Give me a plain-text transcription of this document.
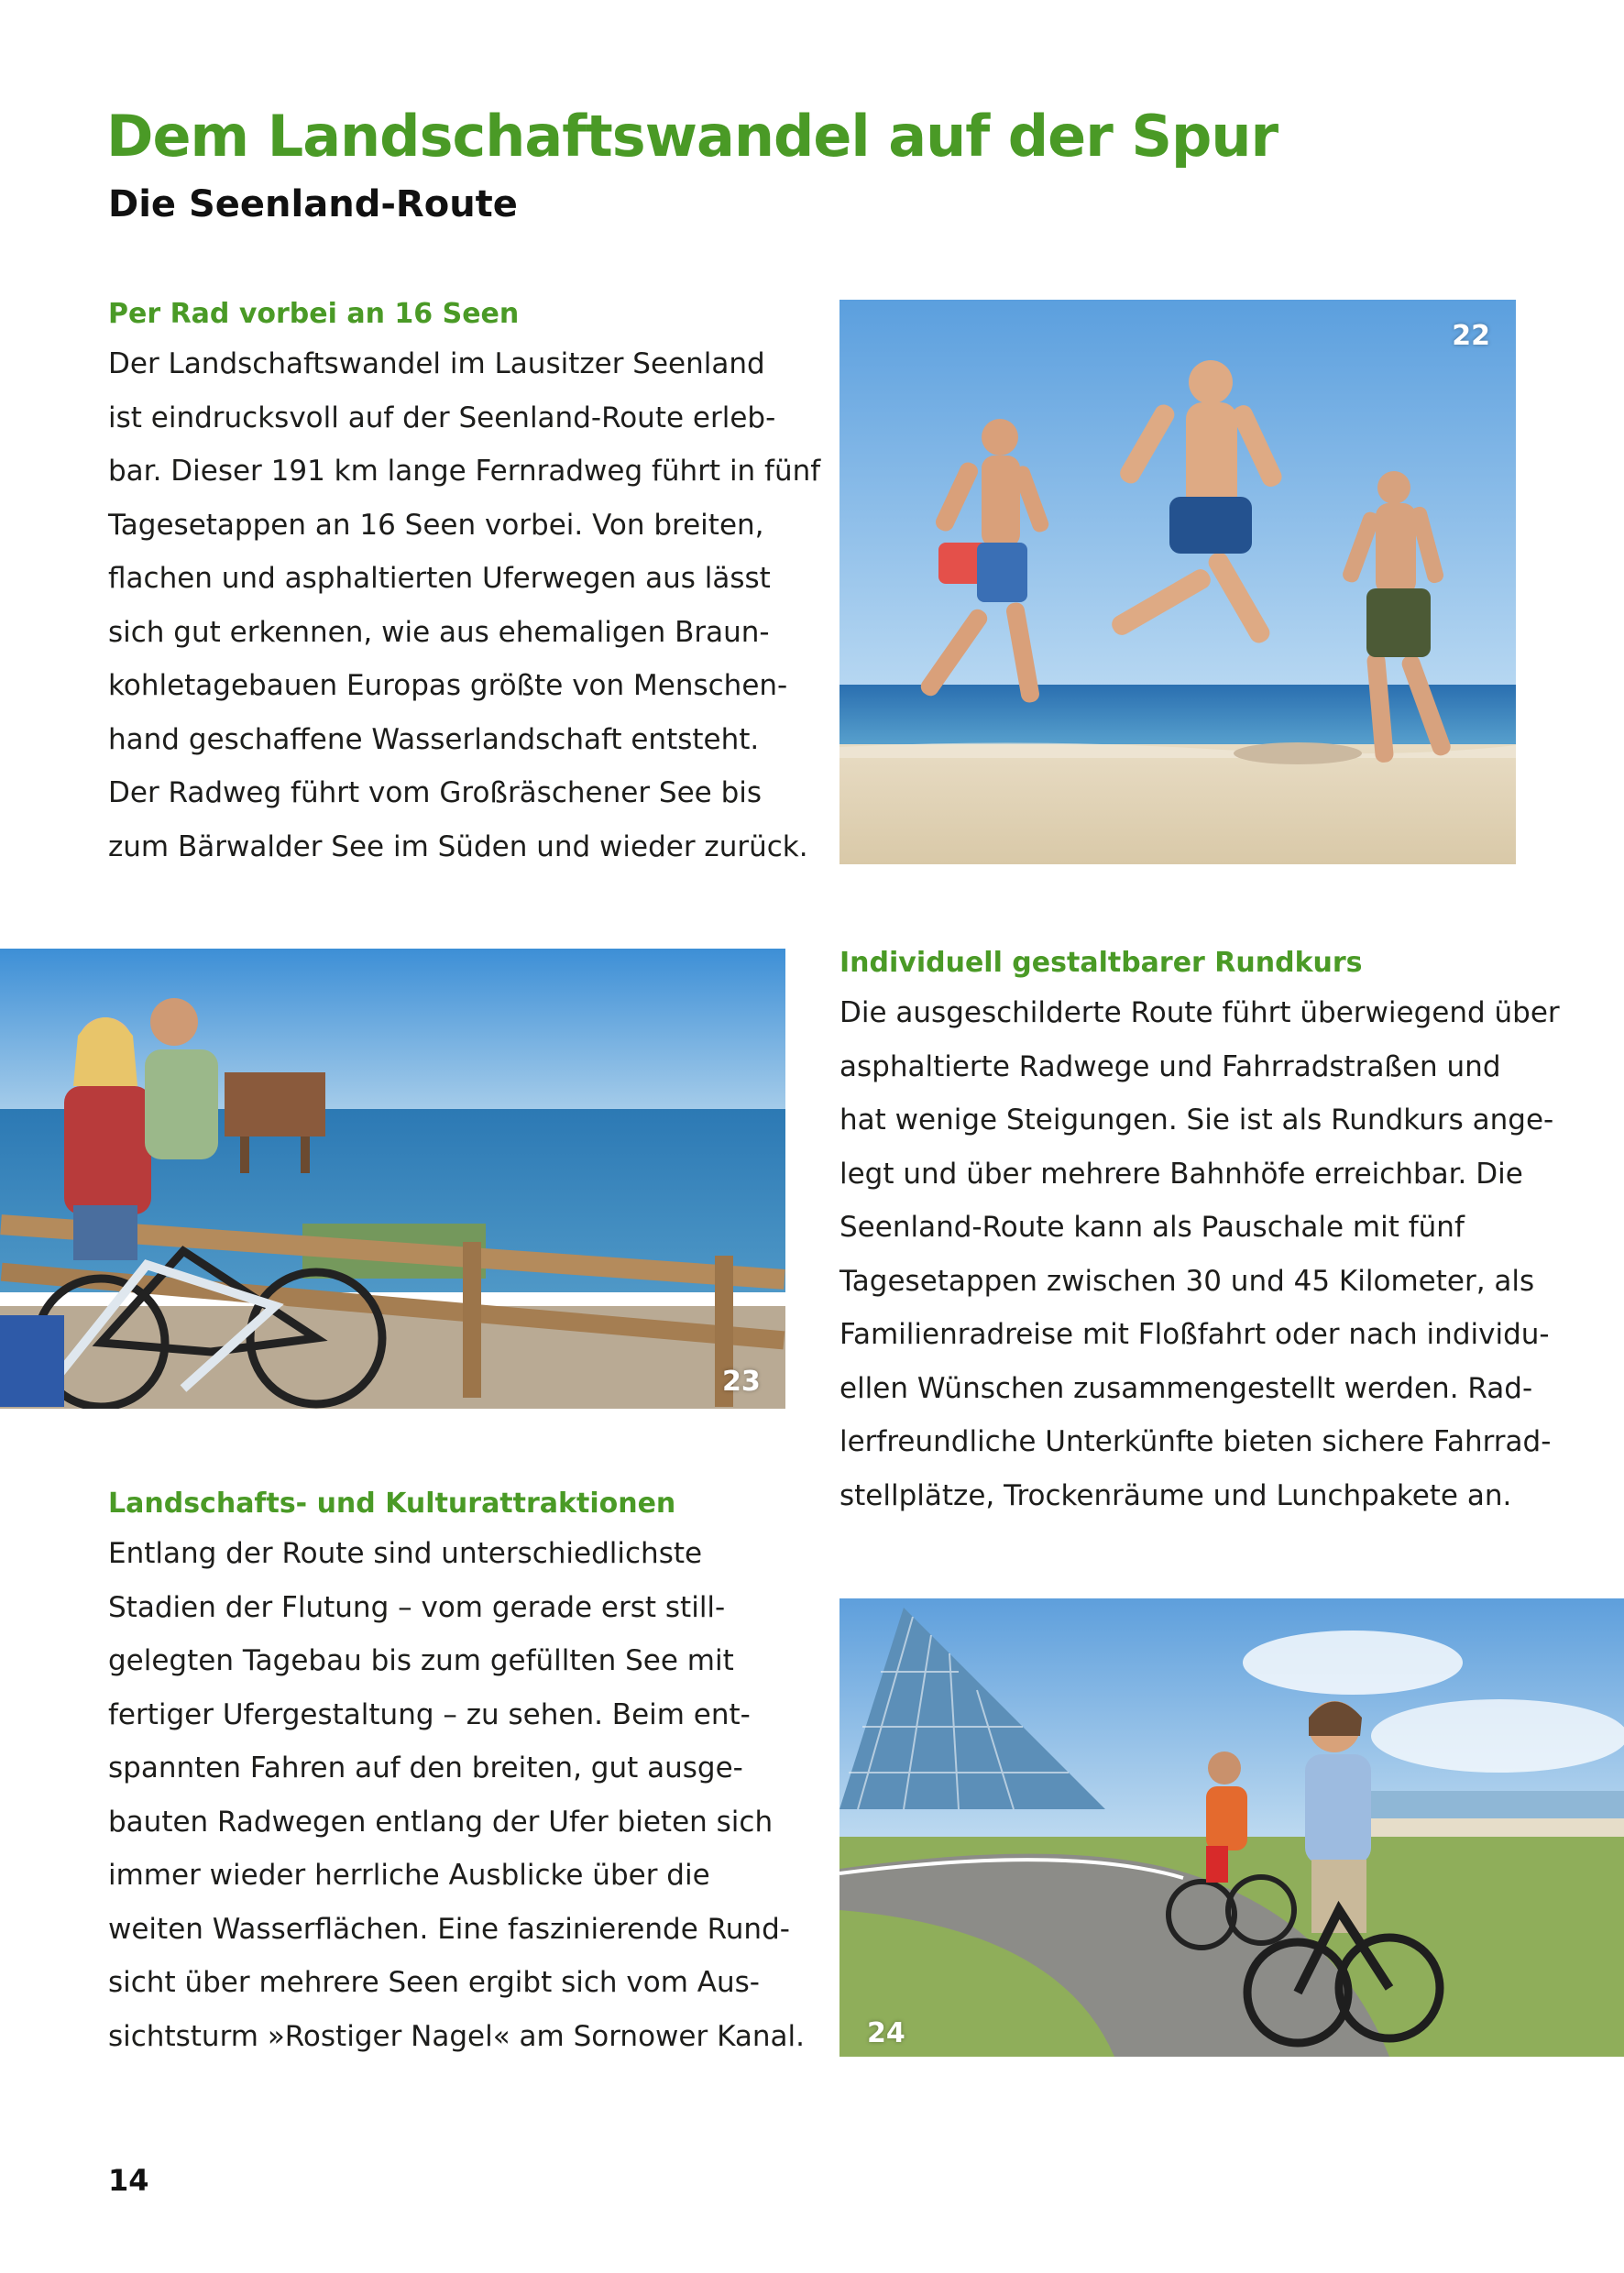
Dem Landschaftswandel auf der Spur
Die Seenland-Route
Per Rad vorbei an 16 Seen

Der Landschaftswandel im Lausitzer Seenland
ist eindrucksvoll auf der Seenland-Route erleb-
bar. Dieser 191 km lange Fernradweg führt in fünf
Tagesetappen an 16 Seen vorbei. Von breiten,
flachen und asphaltierten Uferwegen aus lässt
sich gut erkennen, wie aus ehemaligen Braun-
kohletagebauen Europas größte von Menschen-
hand geschaffene Wasserlandschaft entsteht.
Der Radweg führt vom Großräschener See bis
zum Bärwalder See im Süden und wieder zurück.

Individuell gestaltbarer Rundkurs

Die ausgeschilderte Route führt überwiegend über
asphaltierte Radwege und Fahrradstraßen und
hat wenige Steigungen. Sie ist als Rundkurs ange-
legt und über mehrere Bahnhöfe erreichbar. Die
Seenland-Route kann als Pauschale mit fünf
Tagesetappen zwischen 30 und 45 Kilometer, als
Familienradreise mit Floßfahrt oder nach individu-
ellen Wünschen zusammengestellt werden. Rad-
lerfreundliche Unterkünfte bieten sichere Fahrrad-
stellplätze, Trockenräume und Lunchpakete an.

Landschafts- und Kulturattraktionen

Entlang der Route sind unterschiedlichste
Stadien der Flutung – vom gerade erst still-
gelegten Tagebau bis zum gefüllten See mit
fertiger Ufergestaltung – zu sehen. Beim ent-
spannten Fahren auf den breiten, gut ausge-
bauten Radwegen entlang der Ufer bieten sich
immer wieder herrliche Ausblicke über die
weiten Wasserflächen. Eine faszinierende Rund-
sicht über mehrere Seen ergibt sich vom Aus-
sichtsturm »Rostiger Nagel« am Sornower Kanal.

22
23
24
14
